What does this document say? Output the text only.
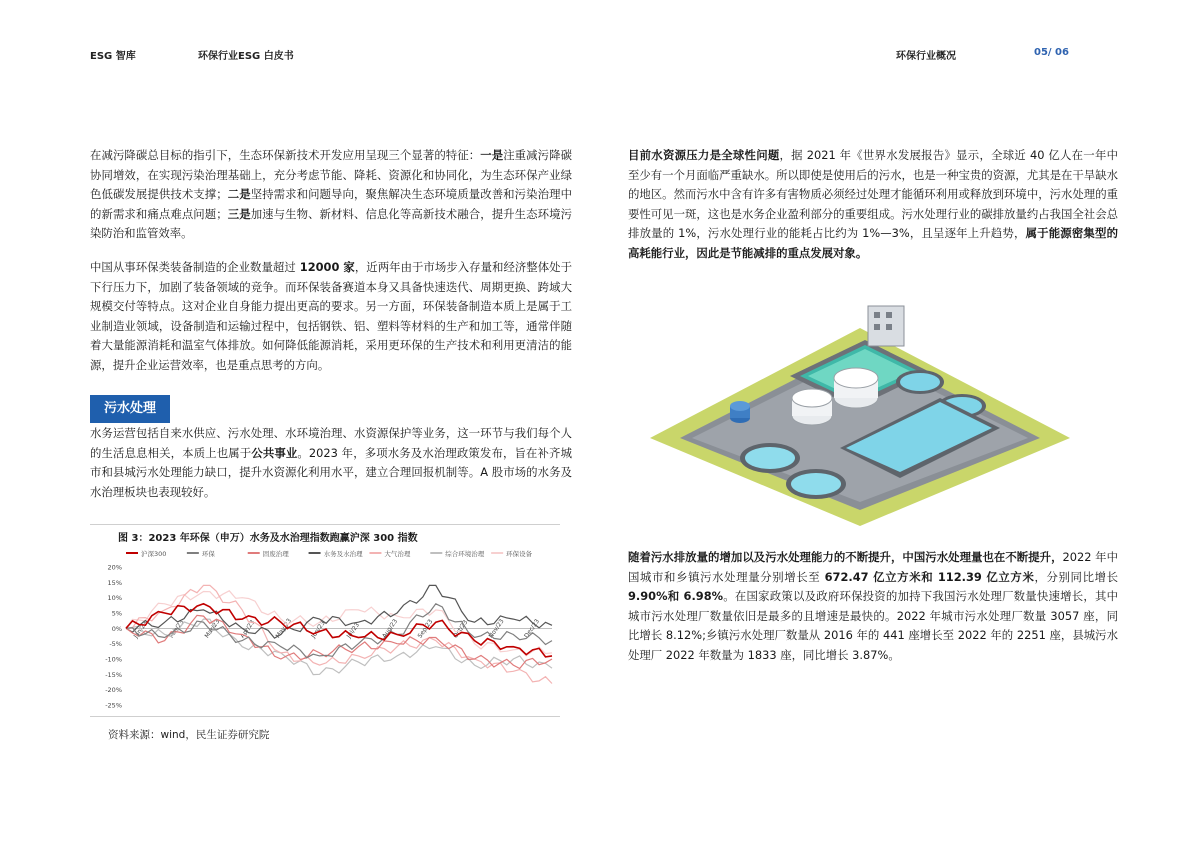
ESG 智库	环保行业ESG 白皮书	环保行业概况	05/ 06

在减污降碳总目标的指引下，生态环保新技术开发应用呈现三个显著的特征：一是注重减污降碳协同增效，在实现污染治理基础上，充分考虑节能、降耗、资源化和协同化，为生态环保产业绿色低碳发展提供技术支撑；二是坚持需求和问题导向，聚焦解决生态环境质量改善和污染治理中的新需求和痛点难点问题；三是加速与生物、新材料、信息化等高新技术融合，提升生态环境污染防治和监管效率。

中国从事环保类装备制造的企业数量超过 12000 家，近两年由于市场步入存量和经济整体处于下行压力下，加剧了装备领域的竞争。而环保装备赛道本身又具备快速迭代、周期更换、跨域大规模交付等特点。这对企业自身能力提出更高的要求。另一方面，环保装备制造本质上是属于工业制造业领域，设备制造和运输过程中，包括钢铁、铝、塑料等材料的生产和加工等，通常伴随着大量能源消耗和温室气体排放。如何降低能源消耗，采用更环保的生产技术和利用更清洁的能源，提升企业运营效率，也是重点思考的方向。

污水处理

水务运营包括自来水供应、污水处理、水环境治理、水资源保护等业务，这一环节与我们每个人的生活息息相关，本质上也属于公共事业。2023 年，多项水务及水治理政策发布，旨在补齐城市和县城污水处理能力缺口，提升水资源化利用水平，建立合理回报机制等。A 股市场的水务及水治理板块也表现较好。

图 3：2023 年环保（申万）水务及水治理指数跑赢沪深 300 指数
沪深300	环保	固废治理	水务及水治理	大气治理	综合环境治理	环保设备
20%
15%
10%
5%
0%
-5%
-10%
-15%
-20%
-25%
Jan/23	Feb/23	Mar/23	Apr/23	May/23	Jun/23	Jul/23	Aug/23	Sep/23	Oct/23	Nov/23	Dec/23
资料来源：wind，民生证券研究院

目前水资源压力是全球性问题，据 2021 年《世界水发展报告》显示，全球近 40 亿人在一年中至少有一个月面临严重缺水。所以即使是使用后的污水，也是一种宝贵的资源，尤其是在干旱缺水的地区。然而污水中含有许多有害物质必须经过处理才能循环利用或释放到环境中，污水处理的重要性可见一斑，这也是水务企业盈利部分的重要组成。污水处理行业的碳排放量约占我国全社会总排放量的 1%，污水处理行业的能耗占比约为 1%—3%，且呈逐年上升趋势，属于能源密集型的高耗能行业，因此是节能减排的重点发展对象。

随着污水排放量的增加以及污水处理能力的不断提升，中国污水处理量也在不断提升，2022 年中国城市和乡镇污水处理量分别增长至 672.47 亿立方米和 112.39 亿立方米，分别同比增长 9.90%和 6.98%。在国家政策以及政府环保投资的加持下我国污水处理厂数量快速增长，其中城市污水处理厂数量依旧是最多的且增速是最快的。2022 年城市污水处理厂数量 3057 座，同比增长 8.12%;乡镇污水处理厂数量从 2016 年的 441 座增长至 2022 年的 2251 座，县城污水处理厂 2022 年数量为 1833 座，同比增长 3.87%。
